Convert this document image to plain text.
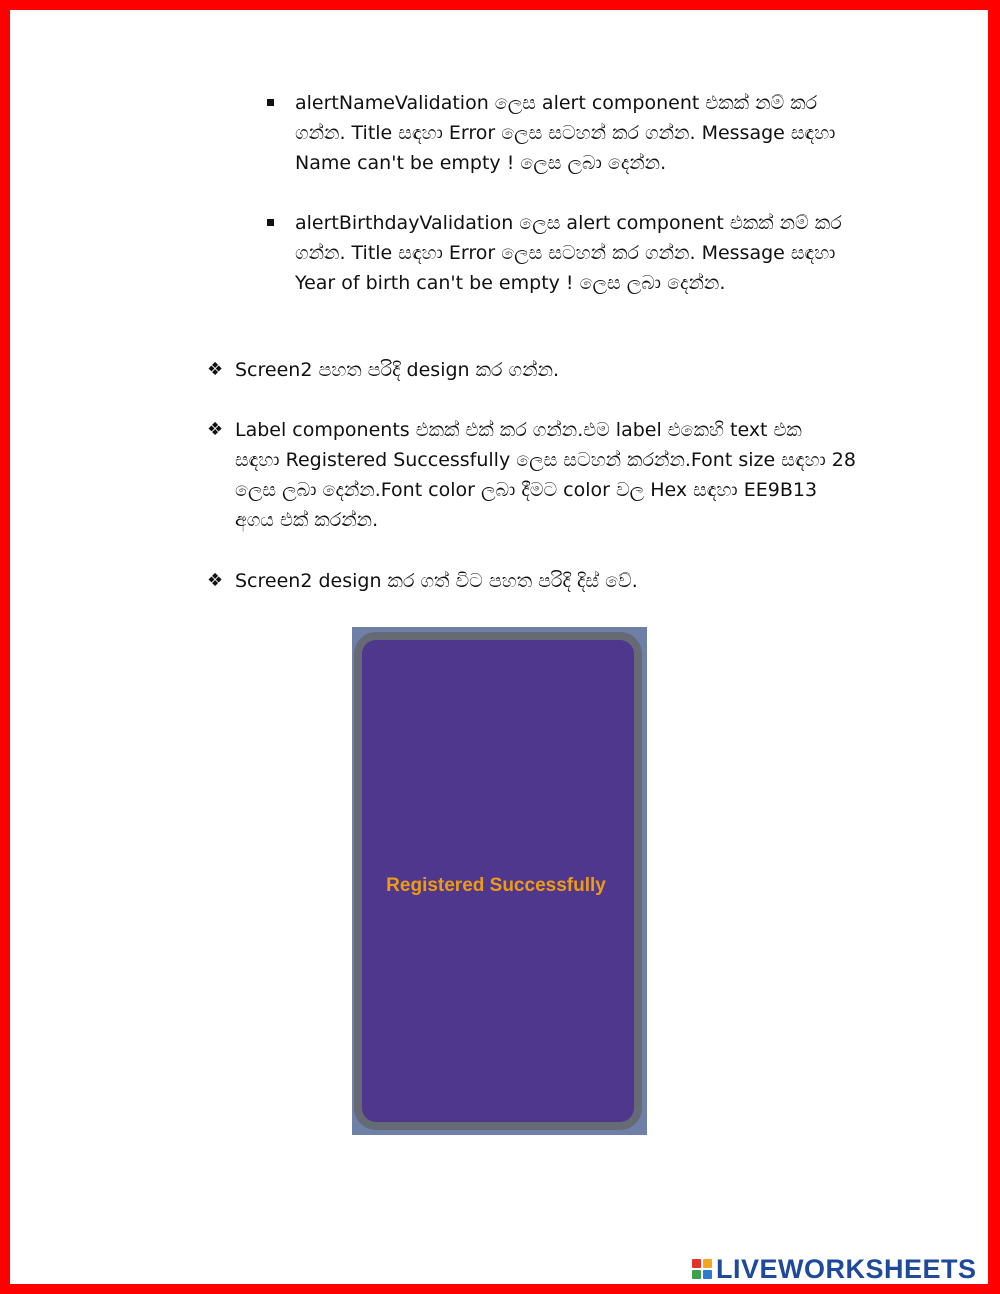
alertNameValidation ලෙස alert component එකක් නම් කර
ගන්න. Title සඳහා Error ලෙස සටහන් කර ගන්න. Message සඳහා
Name can't be empty ! ලෙස ලබා දෙන්න.
alertBirthdayValidation ලෙස alert component එකක් නම් කර
ගන්න. Title සඳහා Error ලෙස සටහන් කර ගන්න. Message සඳහා
Year of birth can't be empty ! ලෙස ලබා දෙන්න.
❖ Screen2 පහත පරිදි design කර ගන්න.
❖ Label components එකක් එක් කර ගන්න.එම label එකෙහි text එක
සඳහා Registered Successfully ලෙස සටහන් කරන්න.Font size සඳහා 28
ලෙස ලබා දෙන්න.Font color ලබා දීමට color වල Hex සඳහා EE9B13
අගය එක් කරන්න.
❖ Screen2 design කර ගත් විට පහත පරිදි දිස් වේ.
Registered Successfully
LIVEWORKSHEETS
